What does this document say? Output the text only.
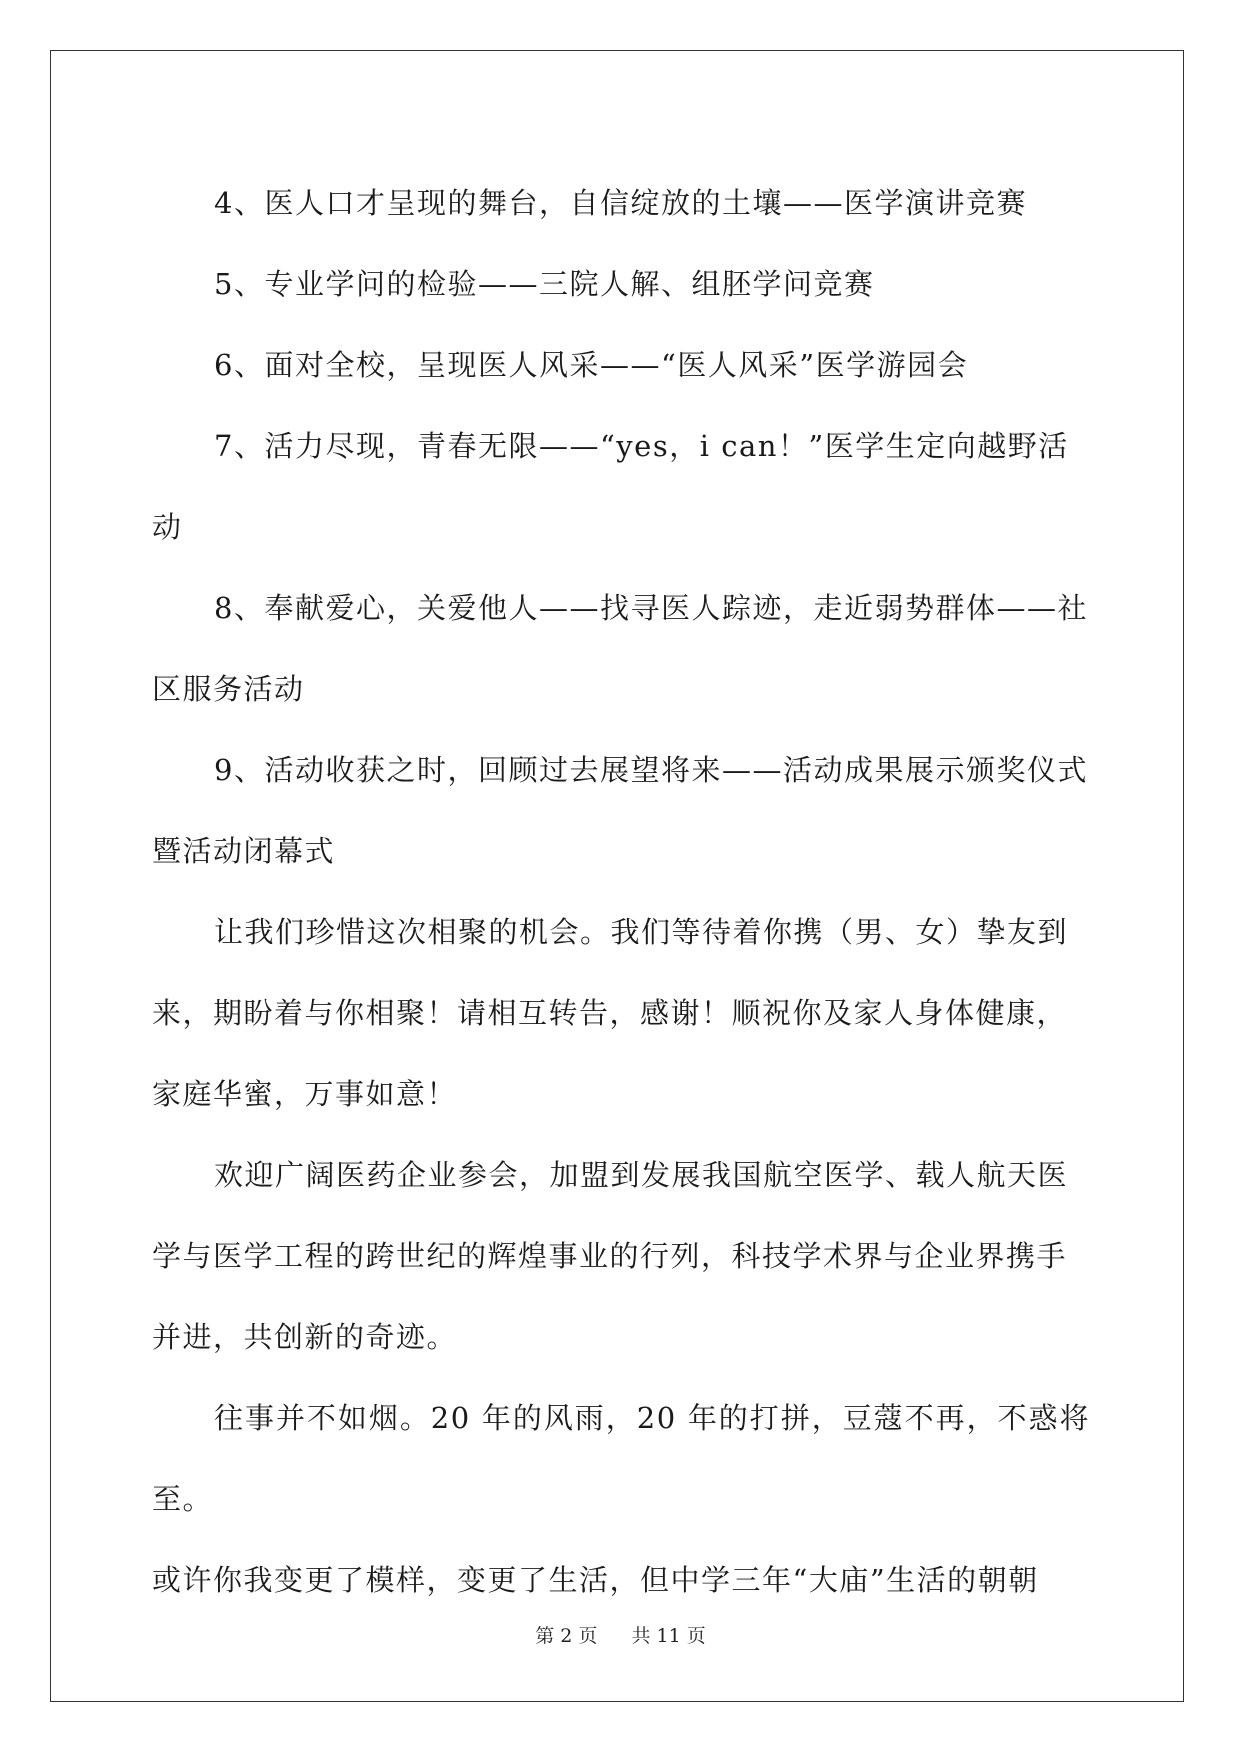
4、医人口才呈现的舞台，自信绽放的土壤——医学演讲竞赛

5、专业学问的检验——三院人解、组胚学问竞赛

6、面对全校，呈现医人风采——“医人风采”医学游园会

7、活力尽现，青春无限——“yes，i can！”医学生定向越野活
动

8、奉献爱心，关爱他人——找寻医人踪迹，走近弱势群体——社
区服务活动

9、活动收获之时，回顾过去展望将来——活动成果展示颁奖仪式
暨活动闭幕式

让我们珍惜这次相聚的机会。我们等待着你携（男、女）挚友到
来，期盼着与你相聚！请相互转告，感谢！顺祝你及家人身体健康，
家庭华蜜，万事如意！

欢迎广阔医药企业参会，加盟到发展我国航空医学、载人航天医
学与医学工程的跨世纪的辉煌事业的行列，科技学术界与企业界携手
并进，共创新的奇迹。

往事并不如烟。20 年的风雨，20 年的打拼，豆蔻不再，不惑将至。
或许你我变更了模样，变更了生活，但中学三年“大庙”生活的朝朝

第 2 页 共 11 页
